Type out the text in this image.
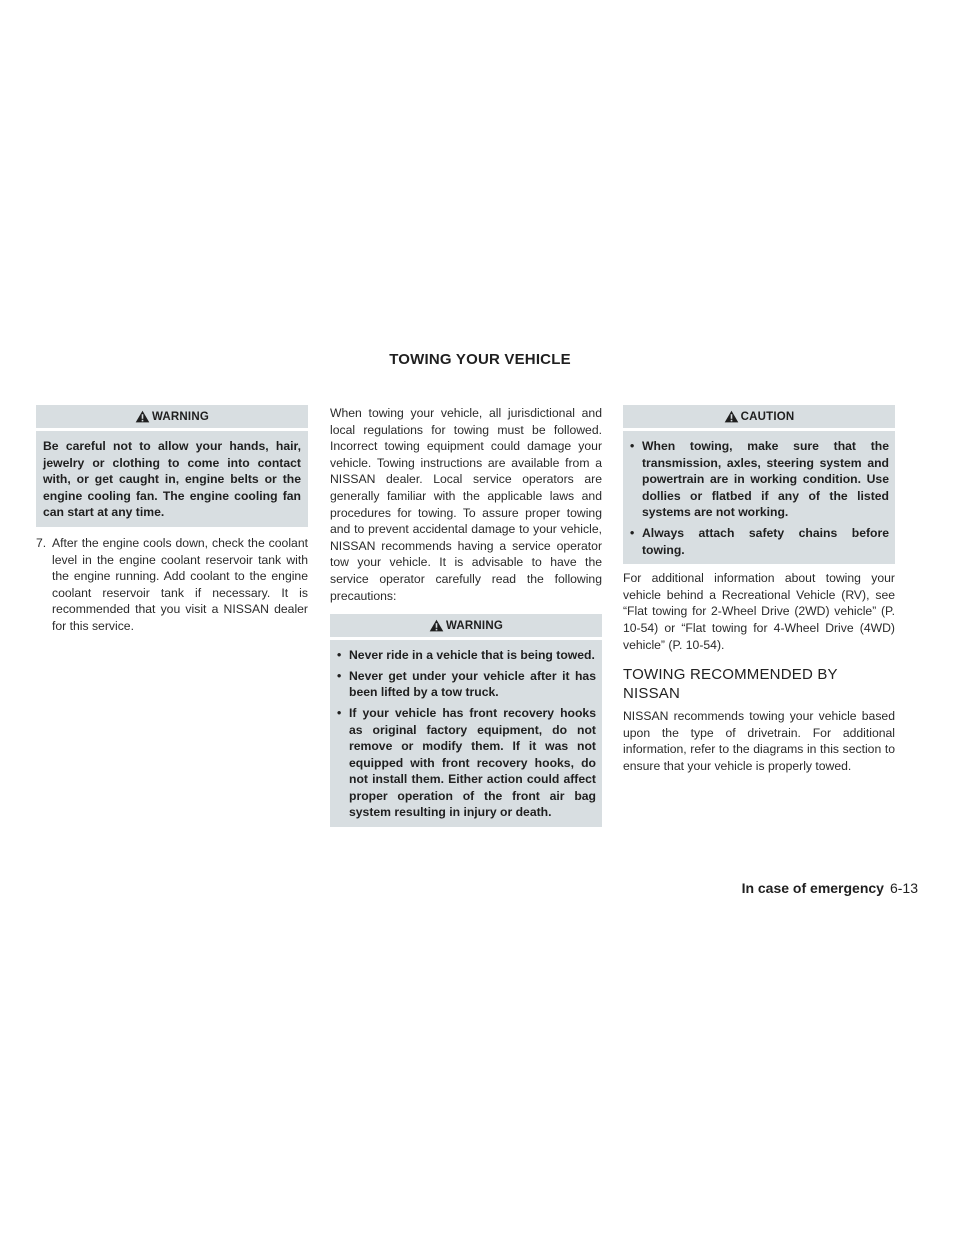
TOWING YOUR VEHICLE
WARNING
Be careful not to allow your hands, hair, jewelry or clothing to come into contact with, or get caught in, engine belts or the engine cooling fan. The engine cooling fan can start at any time.
7. After the engine cools down, check the coolant level in the engine coolant reservoir tank with the engine running. Add coolant to the engine coolant reservoir tank if necessary. It is recommended that you visit a NISSAN dealer for this service.
When towing your vehicle, all jurisdictional and local regulations for towing must be followed. Incorrect towing equipment could damage your vehicle. Towing instructions are available from a NISSAN dealer. Local service operators are generally familiar with the applicable laws and procedures for towing. To assure proper towing and to prevent accidental damage to your vehicle, NISSAN recommends having a service operator tow your vehicle. It is advisable to have the service operator carefully read the following precautions:
WARNING
• Never ride in a vehicle that is being towed.
• Never get under your vehicle after it has been lifted by a tow truck.
• If your vehicle has front recovery hooks as original factory equipment, do not remove or modify them. If it was not equipped with front recovery hooks, do not install them. Either action could affect proper operation of the front air bag system resulting in injury or death.
CAUTION
• When towing, make sure that the transmission, axles, steering system and powertrain are in working condition. Use dollies or flatbed if any of the listed systems are not working.
• Always attach safety chains before towing.
For additional information about towing your vehicle behind a Recreational Vehicle (RV), see “Flat towing for 2-Wheel Drive (2WD) vehicle” (P. 10-54) or “Flat towing for 4-Wheel Drive (4WD) vehicle” (P. 10-54).
TOWING RECOMMENDED BY NISSAN
NISSAN recommends towing your vehicle based upon the type of drivetrain. For additional information, refer to the diagrams in this section to ensure that your vehicle is properly towed.
In case of emergency 6-13
